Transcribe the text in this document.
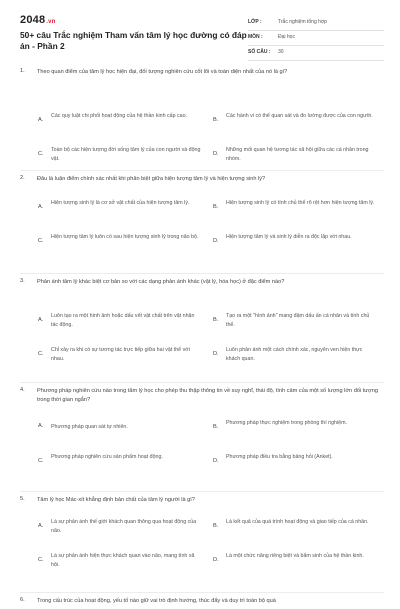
2048.vn
50+ câu Trắc nghiệm Tham vấn tâm lý học đường có đáp án - Phần 2
LỚP :	Trắc nghiệm tổng hợp
MÔN :	Đại học
SỐ CÂU : 30
1. Theo quan điểm của tâm lý học hiện đại, đối tượng nghiên cứu cốt lõi và toàn diện nhất của nó là gì?
A.
Các quy luật chi phối hoạt động của hệ thần kinh cấp cao.
B.
Các hành vi có thể quan sát và đo lường được của con người.
C.
Toàn bộ các hiện tượng đời sống tâm lý của con người và động vật.
D.
Những mối quan hệ tương tác xã hội giữa các cá nhân trong nhóm.
2. Đâu là luận điểm chính xác nhất khi phân biệt giữa hiện tượng tâm lý và hiện tượng sinh lý?
A.
Hiện tượng sinh lý là cơ sở vật chất của hiện tượng tâm lý.
B.
Hiện tượng sinh lý có tính chủ thể rõ rệt hơn hiện tượng tâm lý.
C.
Hiện tượng tâm lý luôn có sau hiện tượng sinh lý trong não bộ.
D.
Hiện tượng tâm lý và sinh lý diễn ra độc lập với nhau.
3. Phản ánh tâm lý khác biệt cơ bản so với các dạng phản ánh khác (vật lý, hóa học) ở đặc điểm nào?
A.
Luôn tạo ra một hình ảnh hoặc dấu vết vật chất trên vật nhận tác động.
B.
Tạo ra một "hình ảnh" mang đậm dấu ấn cá nhân và tính chủ thể.
C.
Chỉ xảy ra khi có sự tương tác trực tiếp giữa hai vật thể với nhau.
D.
Luôn phản ánh một cách chính xác, nguyên ven hiện thực khách quan.
4. Phương pháp nghiên cứu nào trong tâm lý học cho phép thu thập thông tin về suy nghĩ, thái độ, tình cảm của một số lượng lớn đối tượng trong thời gian ngắn?
A. Phương pháp quan sát tự nhiên.	B.
Phương pháp thực nghiệm trong phòng thí nghiệm.
C.
Phương pháp nghiên cứu sản phẩm hoạt động.
D.
Phương pháp điều tra bằng bảng hỏi (Anket).
5. Tâm lý học Mác-xít khẳng định bản chất của tâm lý người là gì?
A.
Là sự phản ánh thế giới khách quan thông qua hoạt động của não.
B.
Là kết quả của quá trình hoạt động và giao tiếp của cá nhân.
C.
Là sự phản ánh hiện thực khách quan vào não, mang tính xã hội.
D.
Là một chức năng riêng biệt và bẩm sinh của hệ thần kinh.
6. Trong cấu trúc của hoạt động, yếu tố nào giữ vai trò định hướng, thúc đẩy và duy trì toàn bộ quá
